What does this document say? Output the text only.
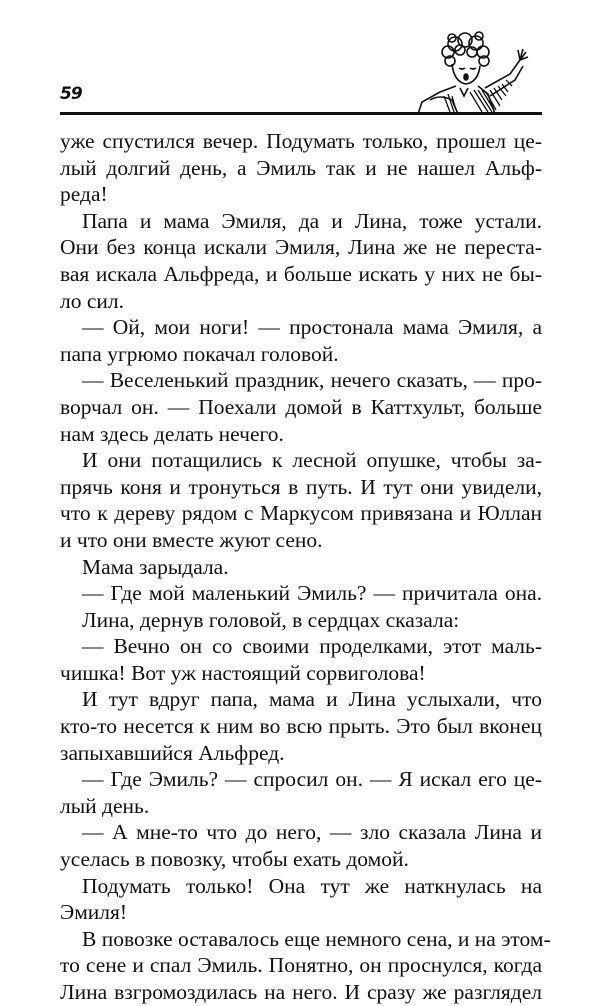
59
уже спустился вечер. Подумать только, прошел це-
лый долгий день, а Эмиль так и не нашел Альф-
реда!
Папа и мама Эмиля, да и Лина, тоже устали.
Они без конца искали Эмиля, Лина же не переста-
вая искала Альфреда, и больше искать у них не бы-
ло сил.
— Ой, мои ноги! — простонала мама Эмиля, а
папа угрюмо покачал головой.
— Веселенький праздник, нечего сказать, — про-
ворчал он. — Поехали домой в Каттхульт, больше
нам здесь делать нечего.
И они потащились к лесной опушке, чтобы за-
прячь коня и тронуться в путь. И тут они увидели,
что к дереву рядом с Маркусом привязана и Юллан
и что они вместе жуют сено.
Мама зарыдала.
— Где мой маленький Эмиль? — причитала она.
Лина, дернув головой, в сердцах сказала:
— Вечно он со своими проделками, этот маль-
чишка! Вот уж настоящий сорвиголова!
И тут вдруг папа, мама и Лина услыхали, что
кто-то несется к ним во всю прыть. Это был вконец
запыхавшийся Альфред.
— Где Эмиль? — спросил он. — Я искал его це-
лый день.
— А мне-то что до него, — зло сказала Лина и
уселась в повозку, чтобы ехать домой.
Подумать только! Она тут же наткнулась на
Эмиля!
В повозке оставалось еще немного сена, и на этом-
то сене и спал Эмиль. Понятно, он проснулся, когда
Лина взгромоздилась на него. И сразу же разглядел
